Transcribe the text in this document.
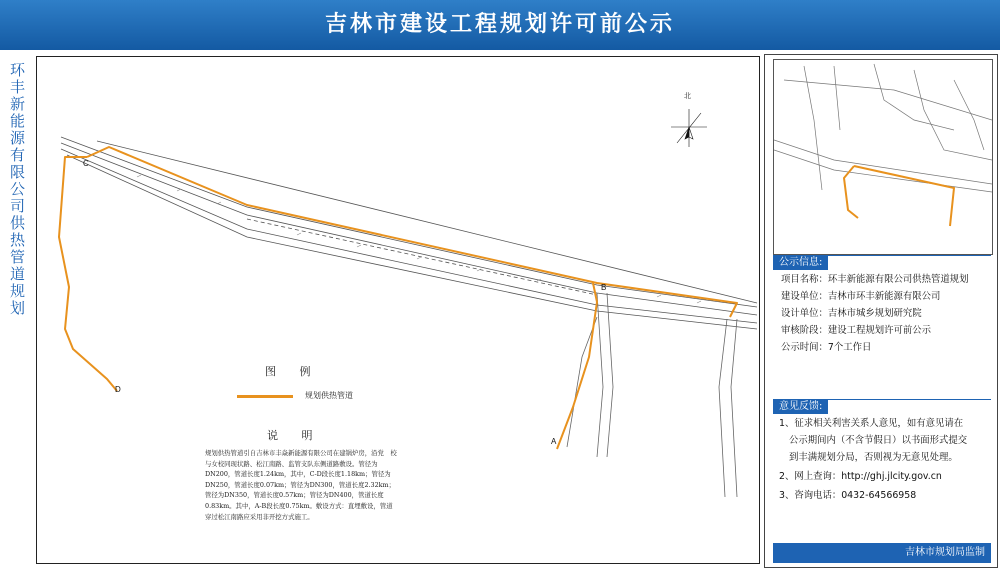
吉林市建设工程规划许可前公示
环丰新能源有限公司供热管道规划	北
C
D
B
A
图 例
规划供热管道
说 明
规划供热管道引自吉林市丰焱新能源有限公司在建锅炉房，沿党　校与女校同现状路、松江南路、监管支队东侧道路敷设。管径为DN200，管道长度1.24km，其中，C-D段长度1.18km；管径为DN250，管道长度0.07km；管径为DN300，管道长度2.32km；管径为DN350，管道长度0.57km；管径为DN400，管道长度0.83km。其中，A-B段长度0.75km。敷设方式：直埋敷设，管道穿过松江南路应采用非开挖方式施工。
公示信息:
项目名称：环丰新能源有限公司供热管道规划
建设单位：吉林市环丰新能源有限公司
设计单位：吉林市城乡规划研究院
审核阶段：建设工程规划许可前公示
公示时间：7个工作日
意见反馈:
1、征求相关利害关系人意见，如有意见请在
公示期间内（不含节假日）以书面形式提交
到丰满规划分局，否则视为无意见处理。
2、网上查询：http://ghj.jlcity.gov.cn
3、咨询电话：0432-64566958
吉林市规划局监制
